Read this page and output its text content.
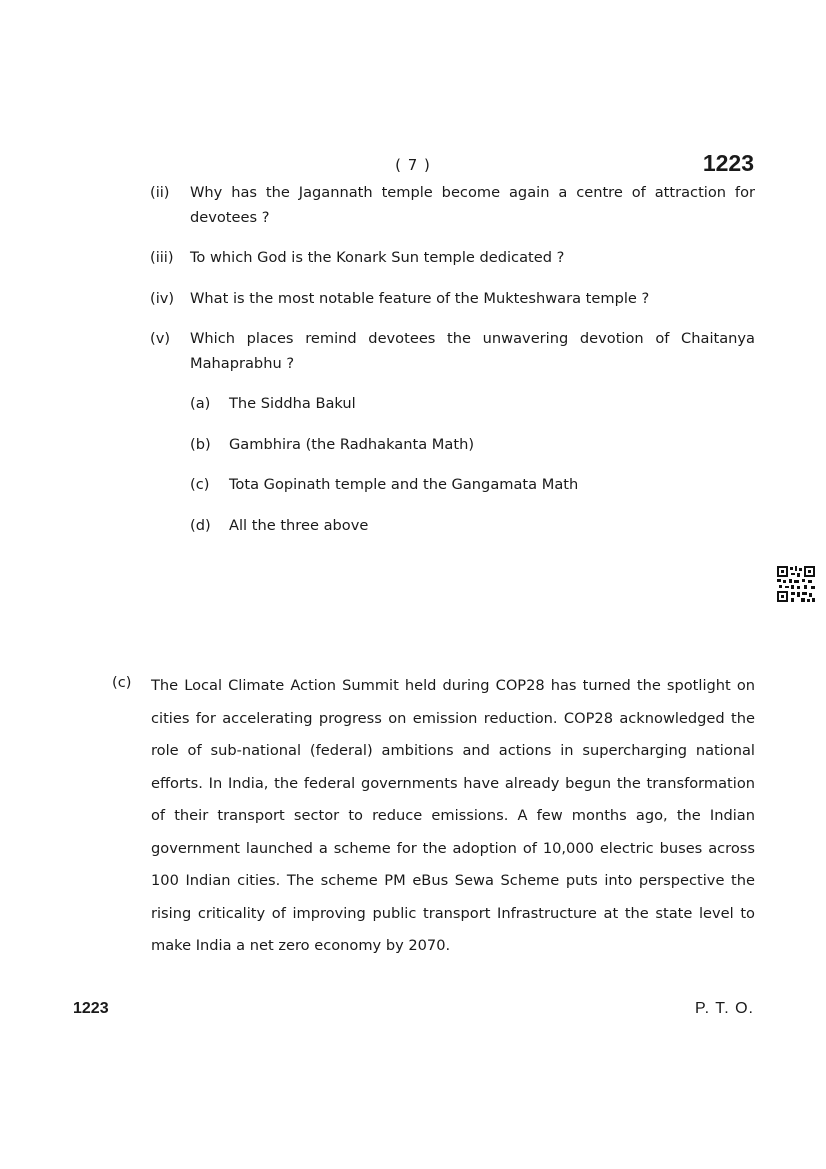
( 7 )	1223
(ii)	Why has the Jagannath temple become again a centre of attraction for devotees ?
(iii)	To which God is the Konark Sun temple dedicated ?
(iv)	What is the most notable feature of the Mukteshwara temple ?
(v)	Which places remind devotees the unwavering devotion of Chaitanya Mahaprabhu ?
(a)	The Siddha Bakul
(b)	Gambhira (the Radhakanta Math)
(c)	Tota Gopinath temple and the Gangamata Math
(d)	All the three above
(c) The Local Climate Action Summit held during COP28 has turned the spotlight on cities for accelerating progress on emission reduction. COP28 acknowledged the role of sub-national (federal) ambitions and actions in supercharging national efforts. In India, the federal governments have already begun the transformation of their transport sector to reduce emissions. A few months ago, the Indian government launched a scheme for the adoption of 10,000 electric buses across 100 Indian cities. The scheme PM eBus Sewa Scheme puts into perspective the rising criticality of improving public transport Infrastructure at the state level to make India a net zero economy by 2070.
1223	P. T. O.
